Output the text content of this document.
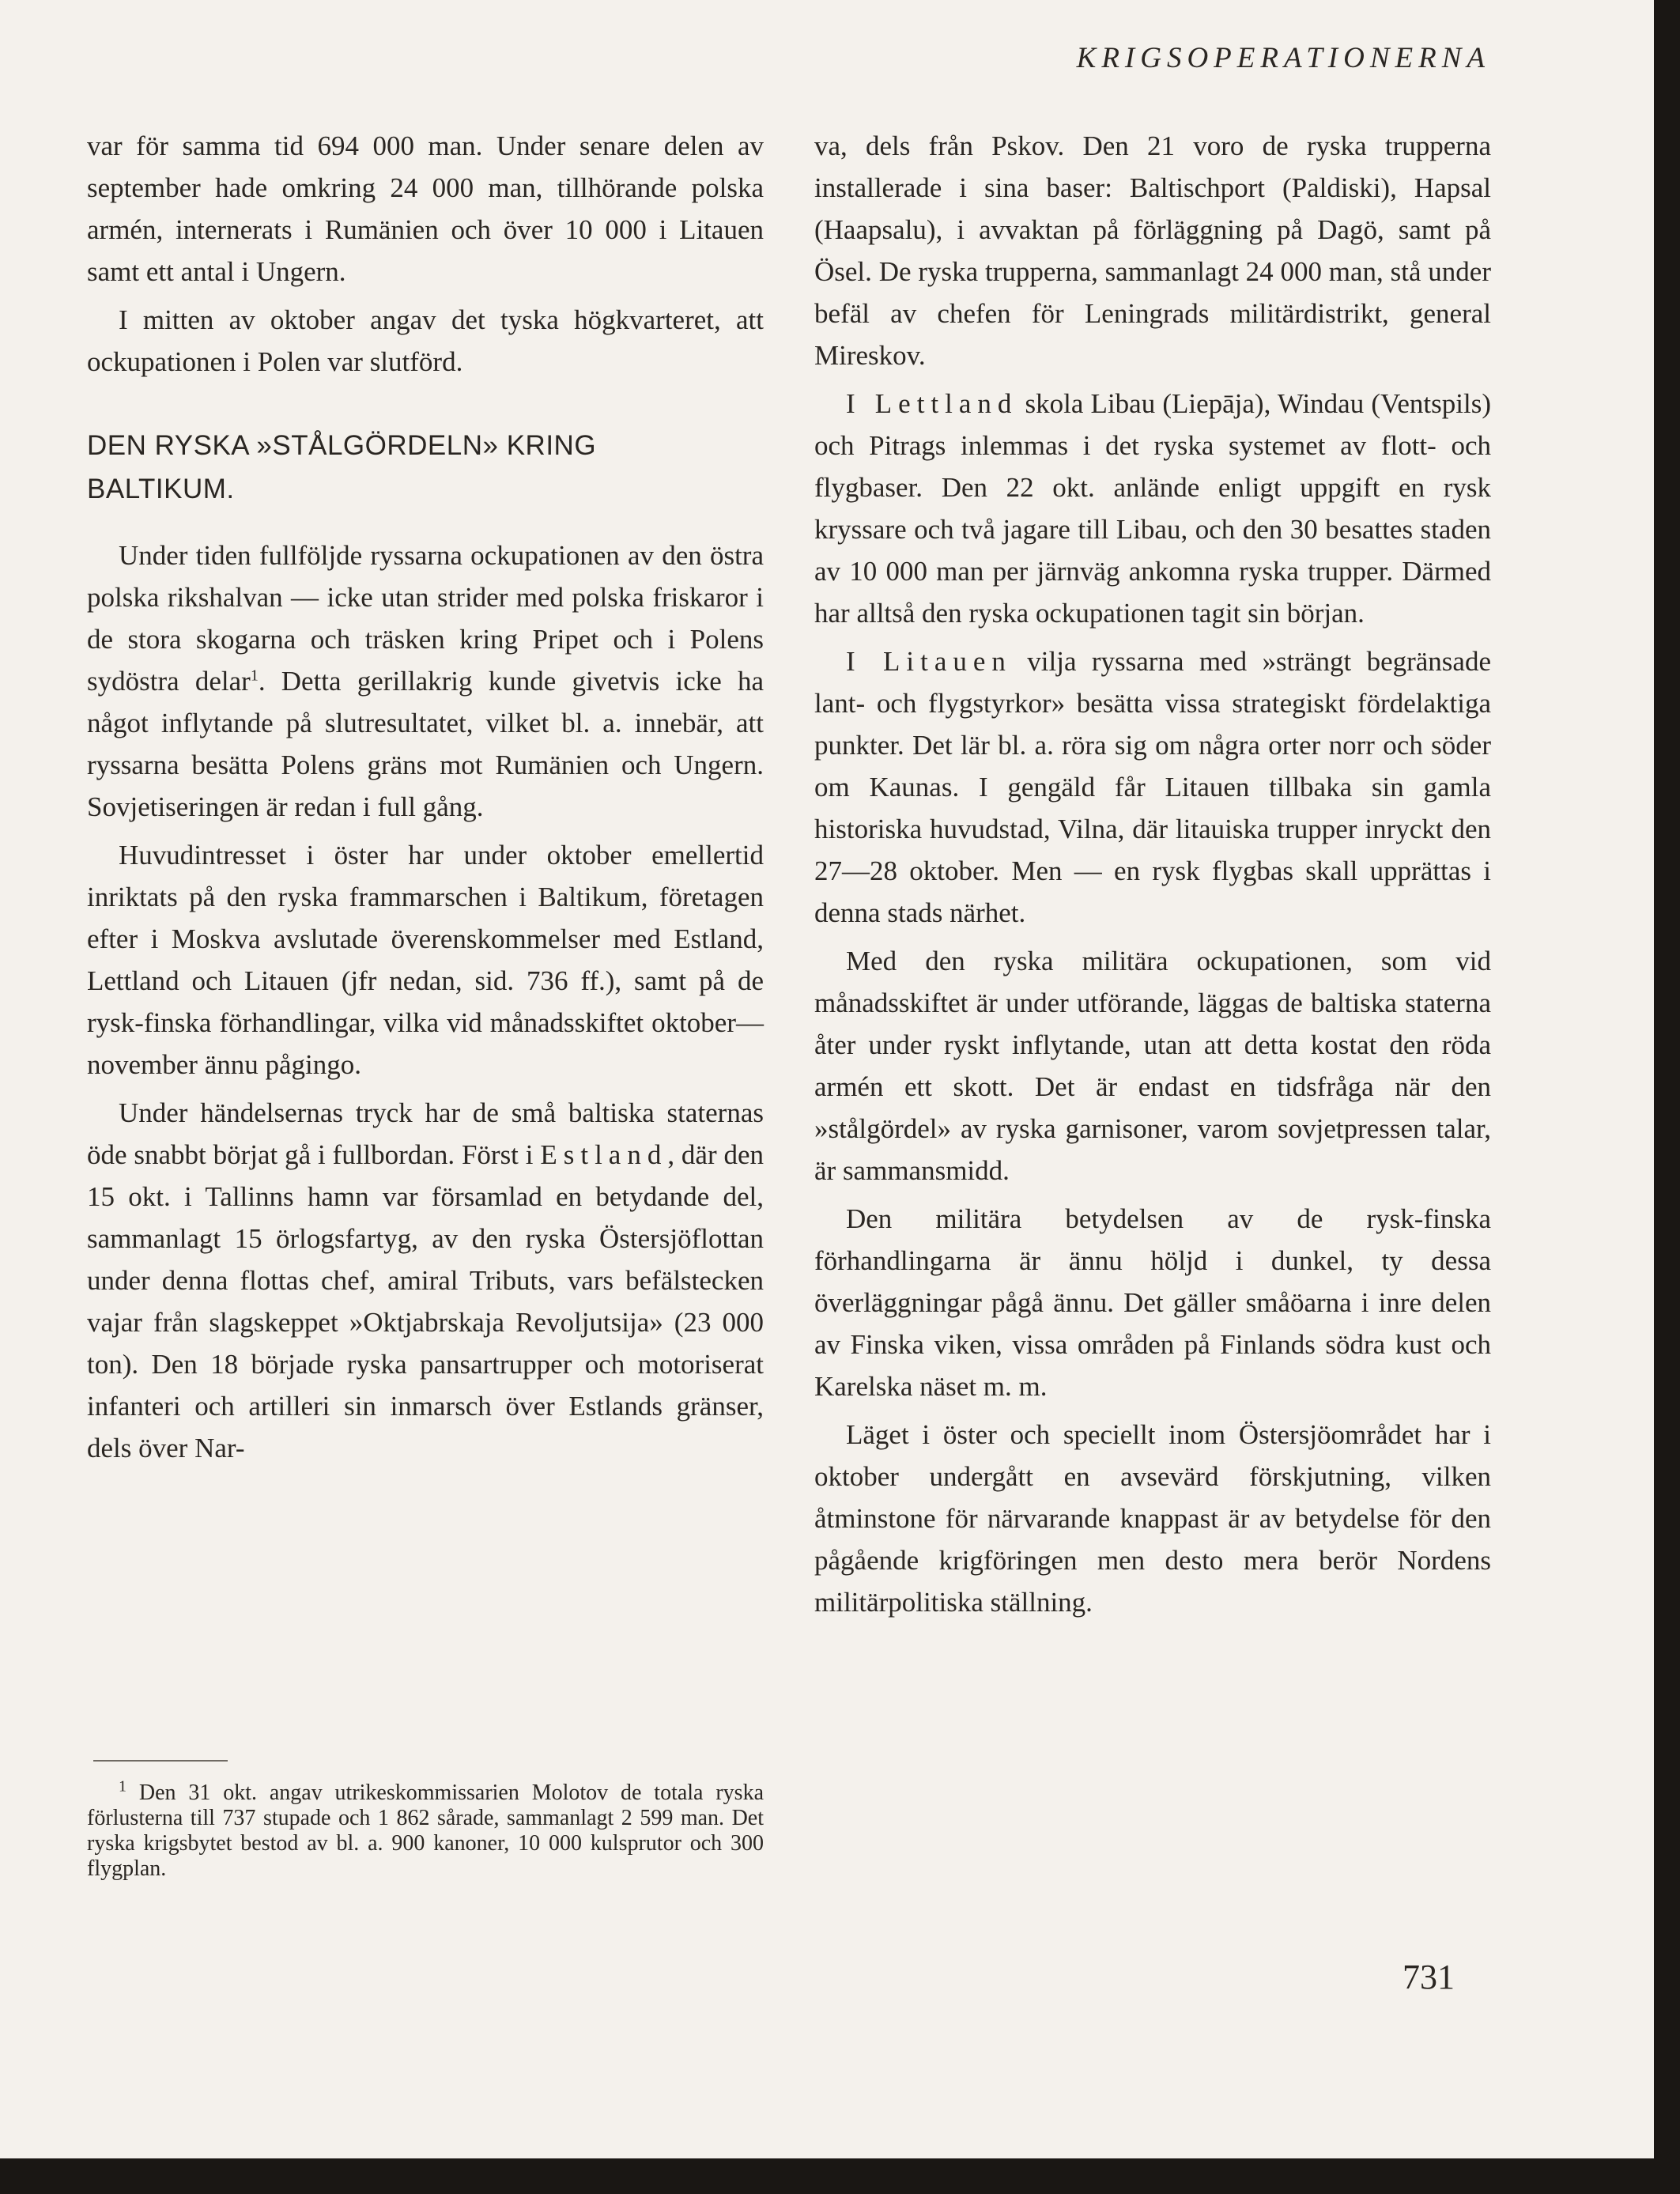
KRIGSOPERATIONERNA

var för samma tid 694 000 man. Under senare delen av september hade omkring 24 000 man, tillhörande polska armén, internerats i Rumänien och över 10 000 i Litauen samt ett antal i Ungern.

I mitten av oktober angav det tyska högkvarteret, att ockupationen i Polen var slutförd.

DEN RYSKA »STÅLGÖRDELN» KRING
BALTIKUM.

Under tiden fullföljde ryssarna ockupationen av den östra polska rikshalvan — icke utan strider med polska friskaror i de stora skogarna och träsken kring Pripet och i Polens sydöstra delar$^1$. Detta gerillakrig kunde givetvis icke ha något inflytande på slutresultatet, vilket bl. a. innebär, att ryssarna besätta Polens gräns mot Rumänien och Ungern. Sovjetiseringen är redan i full gång.

Huvudintresset i öster har under oktober emellertid inriktats på den ryska frammarschen i Baltikum, företagen efter i Moskva avslutade överenskommelser med Estland, Lettland och Litauen (jfr nedan, sid. 736 ff.), samt på de rysk-finska förhandlingar, vilka vid månadsskiftet oktober—november ännu pågingo.

Under händelsernas tryck har de små baltiska staternas öde snabbt börjat gå i fullbordan. Först i Estland, där den 15 okt. i Tallinns hamn var församlad en betydande del, sammanlagt 15 örlogsfartyg, av den ryska Östersjöflottan under denna flottas chef, amiral Tributs, vars befälstecken vajar från slagskeppet »Oktjabrskaja Revoljutsija» (23 000 ton). Den 18 började ryska pansartrupper och motoriserat infanteri och artilleri sin inmarsch över Estlands gränser, dels över Nar-

$^1$ Den 31 okt. angav utrikeskommissarien Molotov de totala ryska förlusterna till 737 stupade och 1 862 sårade, sammanlagt 2 599 man. Det ryska krigsbytet bestod av bl. a. 900 kanoner, 10 000 kulsprutor och 300 flygplan.

va, dels från Pskov. Den 21 voro de ryska trupperna installerade i sina baser: Baltischport (Paldiski), Hapsal (Haapsalu), i avvaktan på förläggning på Dagö, samt på Ösel. De ryska trupperna, sammanlagt 24 000 man, stå under befäl av chefen för Leningrads militärdistrikt, general Mireskov.

I Lettland skola Libau (Liepāja), Windau (Ventspils) och Pitrags inlemmas i det ryska systemet av flott- och flygbaser. Den 22 okt. anlände enligt uppgift en rysk kryssare och två jagare till Libau, och den 30 besattes staden av 10 000 man per järnväg ankomna ryska trupper. Därmed har alltså den ryska ockupationen tagit sin början.

I Litauen vilja ryssarna med »strängt begränsade lant- och flygstyrkor» besätta vissa strategiskt fördelaktiga punkter. Det lär bl. a. röra sig om några orter norr och söder om Kaunas. I gengäld får Litauen tillbaka sin gamla historiska huvudstad, Vilna, där litauiska trupper inryckt den 27—28 oktober. Men — en rysk flygbas skall upprättas i denna stads närhet.

Med den ryska militära ockupationen, som vid månadsskiftet är under utförande, läggas de baltiska staterna åter under ryskt inflytande, utan att detta kostat den röda armén ett skott. Det är endast en tidsfråga när den »stålgördel» av ryska garnisoner, varom sovjetpressen talar, är sammansmidd.

Den militära betydelsen av de rysk-finska förhandlingarna är ännu höljd i dunkel, ty dessa överläggningar pågå ännu. Det gäller småöarna i inre delen av Finska viken, vissa områden på Finlands södra kust och Karelska näset m. m.

Läget i öster och speciellt inom Östersjöområdet har i oktober undergått en avsevärd förskjutning, vilken åtminstone för närvarande knappast är av betydelse för den pågående krigföringen men desto mera berör Nordens militärpolitiska ställning.

731
